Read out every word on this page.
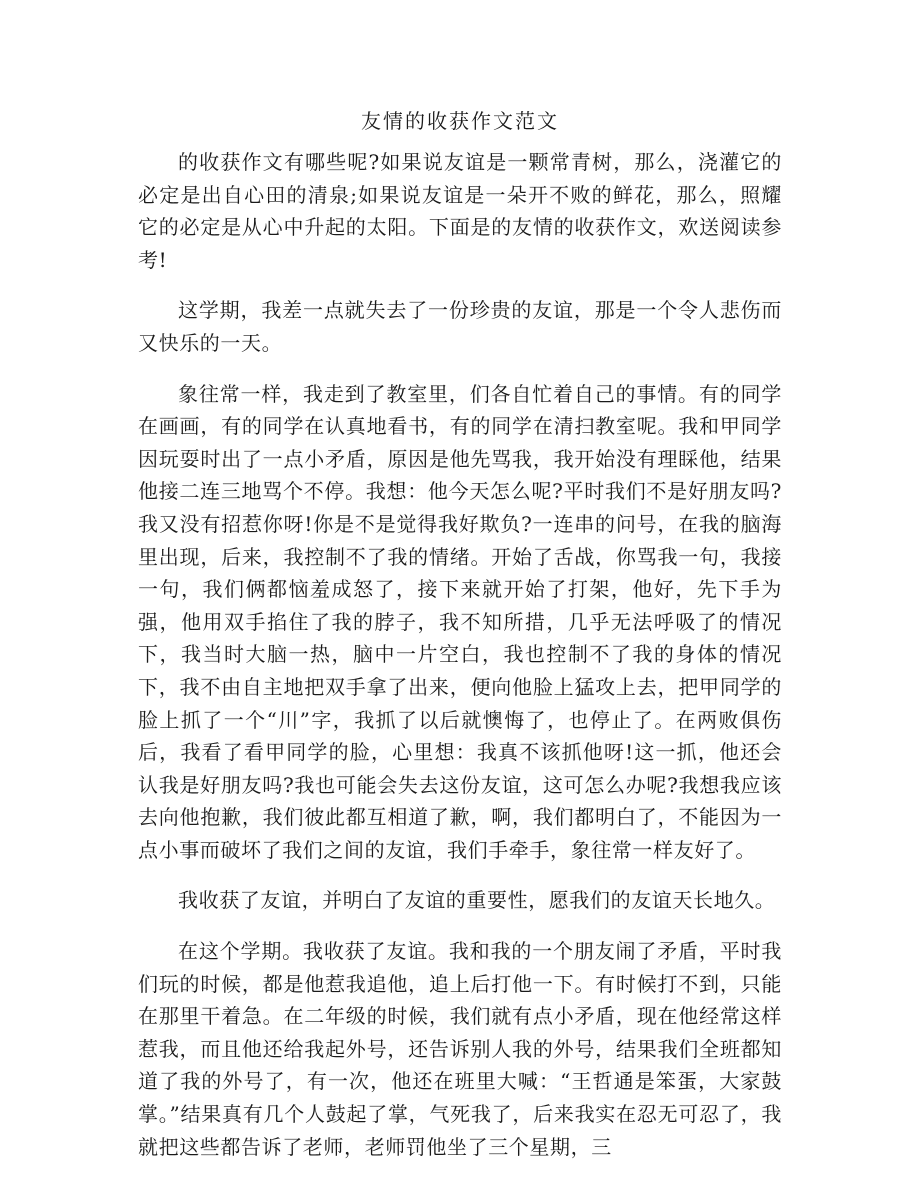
友情的收获作文范文

的收获作文有哪些呢?如果说友谊是一颗常青树，那么，浇灌它的必定是出自心田的清泉;如果说友谊是一朵开不败的鲜花，那么，照耀它的必定是从心中升起的太阳。下面是的友情的收获作文，欢送阅读参考!

这学期，我差一点就失去了一份珍贵的友谊，那是一个令人悲伤而又快乐的一天。

象往常一样，我走到了教室里，们各自忙着自己的事情。有的同学在画画，有的同学在认真地看书，有的同学在清扫教室呢。我和甲同学因玩耍时出了一点小矛盾，原因是他先骂我，我开始没有理睬他，结果他接二连三地骂个不停。我想：他今天怎么呢?平时我们不是好朋友吗?我又没有招惹你呀!你是不是觉得我好欺负?一连串的问号，在我的脑海里出现，后来，我控制不了我的情绪。开始了舌战，你骂我一句，我接一句，我们俩都恼羞成怒了，接下来就开始了打架，他好，先下手为强，他用双手掐住了我的脖子，我不知所措，几乎无法呼吸了的情况下，我当时大脑一热，脑中一片空白，我也控制不了我的身体的情况下，我不由自主地把双手拿了出来，便向他脸上猛攻上去，把甲同学的脸上抓了一个“川”字，我抓了以后就懊悔了，也停止了。在两败俱伤后，我看了看甲同学的脸，心里想：我真不该抓他呀!这一抓，他还会认我是好朋友吗?我也可能会失去这份友谊，这可怎么办呢?我想我应该去向他抱歉，我们彼此都互相道了歉，啊，我们都明白了，不能因为一点小事而破坏了我们之间的友谊，我们手牵手，象往常一样友好了。

我收获了友谊，并明白了友谊的重要性，愿我们的友谊天长地久。

在这个学期。我收获了友谊。我和我的一个朋友闹了矛盾，平时我们玩的时候，都是他惹我追他，追上后打他一下。有时候打不到，只能在那里干着急。在二年级的时候，我们就有点小矛盾，现在他经常这样惹我，而且他还给我起外号，还告诉别人我的外号，结果我们全班都知道了我的外号了，有一次，他还在班里大喊：“王哲通是笨蛋，大家鼓掌。”结果真有几个人鼓起了掌，气死我了，后来我实在忍无可忍了，我就把这些都告诉了老师，老师罚他坐了三个星期，三
